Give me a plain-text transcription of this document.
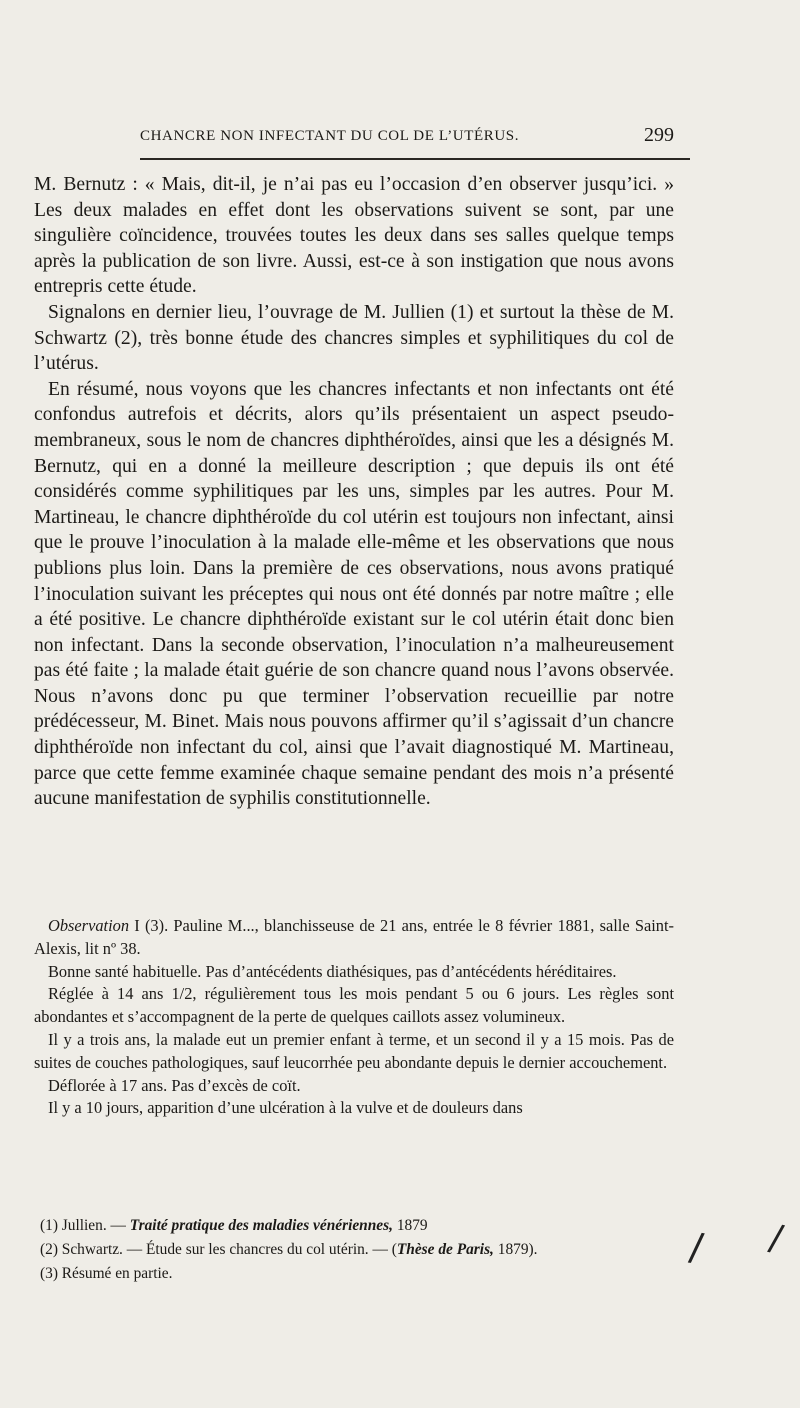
CHANCRE NON INFECTANT DU COL DE L’UTÉRUS.	299

M. Bernutz : « Mais, dit-il, je n’ai pas eu l’occasion d’en observer jusqu’ici. » Les deux malades en effet dont les observations suivent se sont, par une singulière coïncidence, trouvées toutes les deux dans ses salles quelque temps après la publication de son livre. Aussi, est-ce à son instigation que nous avons entrepris cette étude.

Signalons en dernier lieu, l’ouvrage de M. Jullien (1) et surtout la thèse de M. Schwartz (2), très bonne étude des chancres simples et syphilitiques du col de l’utérus.

En résumé, nous voyons que les chancres infectants et non infectants ont été confondus autrefois et décrits, alors qu’ils présentaient un aspect pseudo-membraneux, sous le nom de chancres diphthéroïdes, ainsi que les a désignés M. Bernutz, qui en a donné la meilleure description ; que depuis ils ont été considérés comme syphilitiques par les uns, simples par les autres. Pour M. Martineau, le chancre diphthéroïde du col utérin est toujours non infectant, ainsi que le prouve l’inoculation à la malade elle-même et les observations que nous publions plus loin. Dans la première de ces observations, nous avons pratiqué l’inoculation suivant les préceptes qui nous ont été donnés par notre maître ; elle a été positive. Le chancre diphthéroïde existant sur le col utérin était donc bien non infectant. Dans la seconde observation, l’inoculation n’a malheureusement pas été faite ; la malade était guérie de son chancre quand nous l’avons observée. Nous n’avons donc pu que terminer l’observation recueillie par notre prédécesseur, M. Binet. Mais nous pouvons affirmer qu’il s’agissait d’un chancre diphthéroïde non infectant du col, ainsi que l’avait diagnostiqué M. Martineau, parce que cette femme examinée chaque semaine pendant des mois n’a présenté aucune manifestation de syphilis constitutionnelle.

Observation I (3). Pauline M..., blanchisseuse de 21 ans, entrée le 8 février 1881, salle Saint-Alexis, lit nº 38.

Bonne santé habituelle. Pas d’antécédents diathésiques, pas d’antécédents héréditaires.

Réglée à 14 ans 1/2, régulièrement tous les mois pendant 5 ou 6 jours. Les règles sont abondantes et s’accompagnent de la perte de quelques caillots assez volumineux.

Il y a trois ans, la malade eut un premier enfant à terme, et un second il y a 15 mois. Pas de suites de couches pathologiques, sauf leucorrhée peu abondante depuis le dernier accouchement.

Déflorée à 17 ans. Pas d’excès de coït.

Il y a 10 jours, apparition d’une ulcération à la vulve et de douleurs dans

(1) Jullien. — Traité pratique des maladies vénériennes, 1879

(2) Schwartz. — Étude sur les chancres du col utérin. — (Thèse de Paris, 1879).

(3) Résumé en partie.

/ /
